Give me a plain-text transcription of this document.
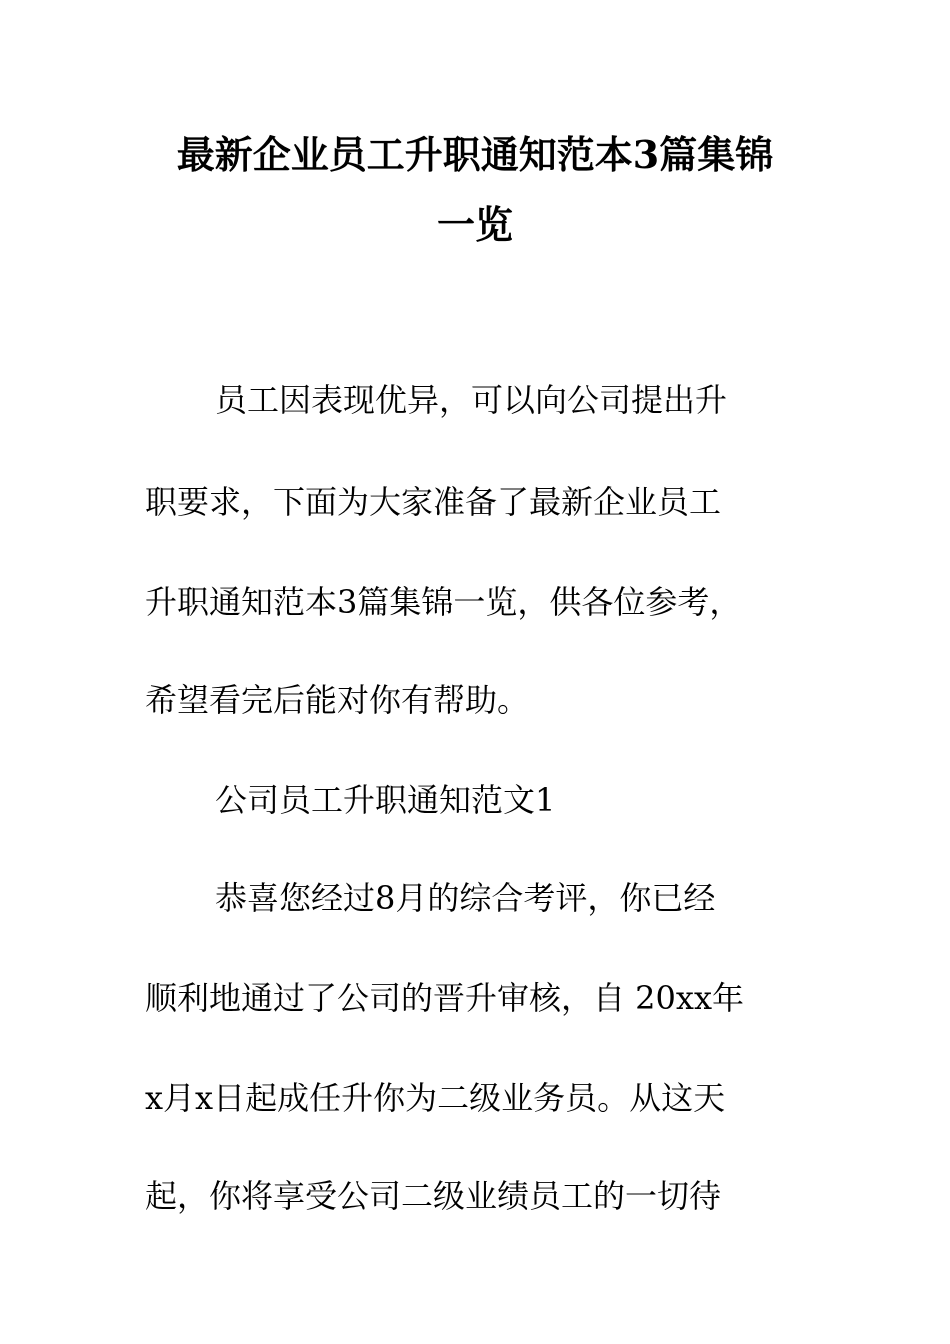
最新企业员工升职通知范本3篇集锦
一览
员工因表现优异，可以向公司提出升
职要求，下面为大家准备了最新企业员工
升职通知范本3篇集锦一览，供各位参考，
希望看完后能对你有帮助。
公司员工升职通知范文1
恭喜您经过8月的综合考评，你已经
顺利地通过了公司的晋升审核，自 20xx年
x月x日起成任升你为二级业务员。从这天
起，你将享受公司二级业绩员工的一切待
